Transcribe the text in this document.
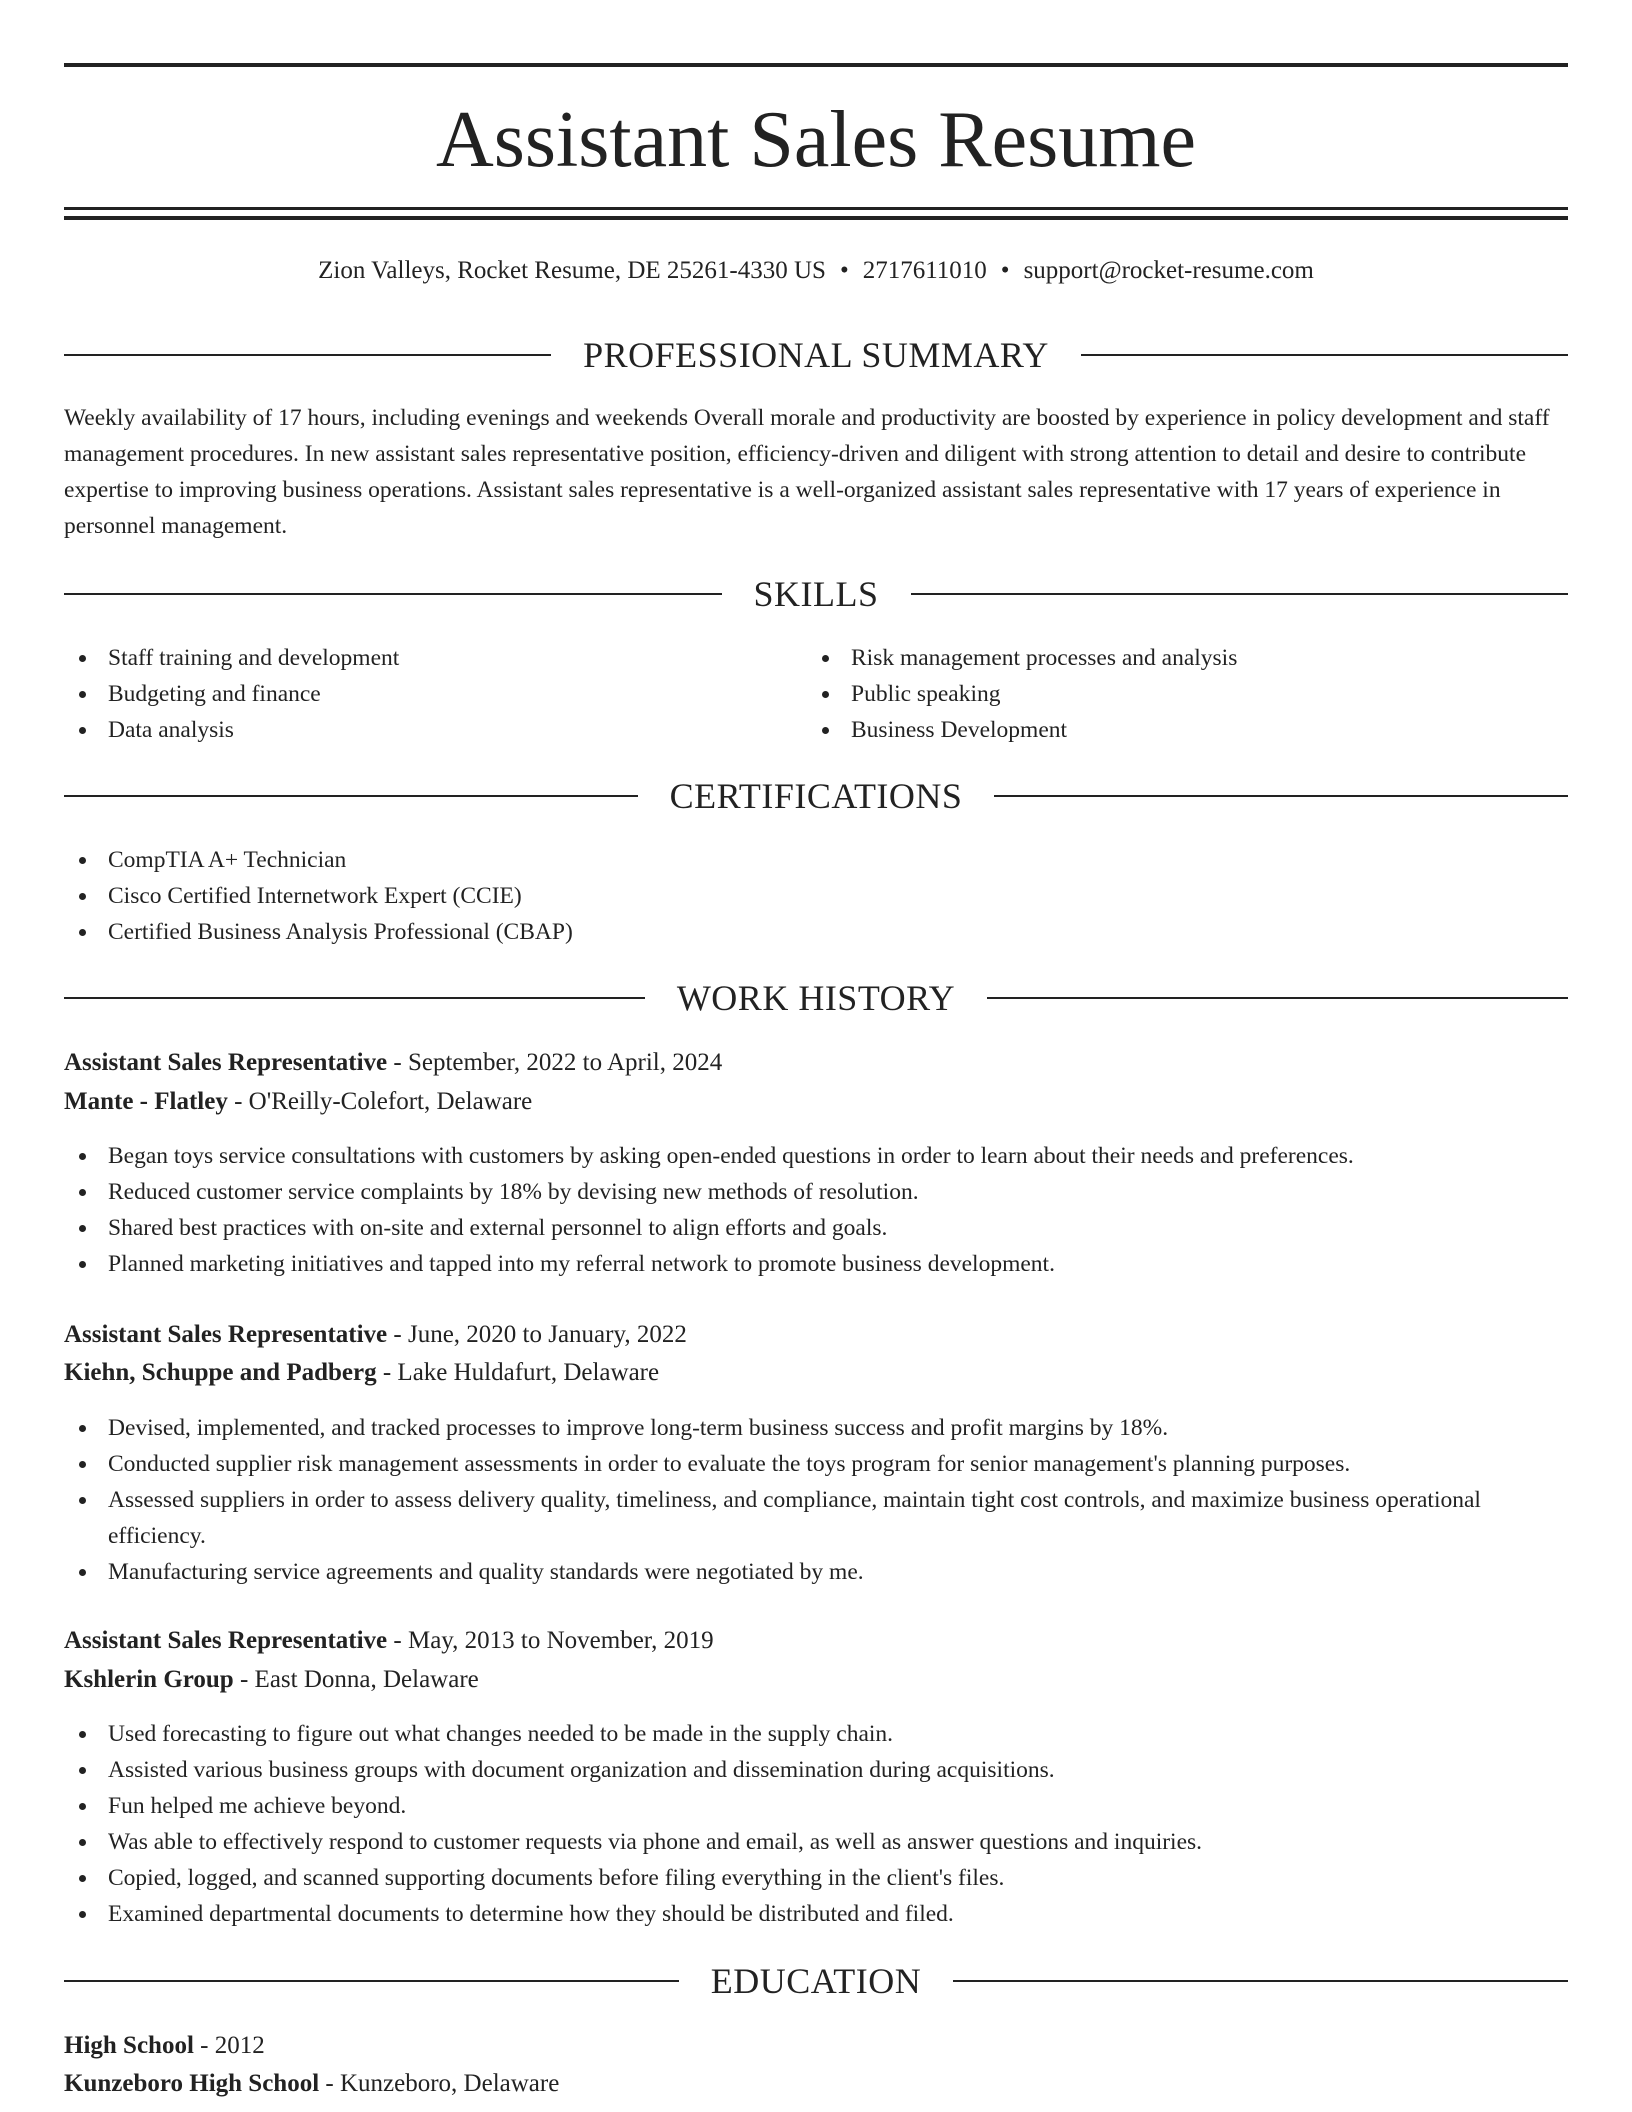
Assistant Sales Resume
Zion Valleys, Rocket Resume, DE 25261-4330 US • 2717611010 • support@rocket-resume.com
PROFESSIONAL SUMMARY

Weekly availability of 17 hours, including evenings and weekends Overall morale and productivity are boosted by experience in policy development and staff management procedures. In new assistant sales representative position, efficiency-driven and diligent with strong attention to detail and desire to contribute expertise to improving business operations. Assistant sales representative is a well-organized assistant sales representative with 17 years of experience in personnel management.

SKILLS
Staff training and development
Budgeting and finance
Data analysis
Risk management processes and analysis
Public speaking
Business Development
CERTIFICATIONS
CompTIA A+ Technician
Cisco Certified Internetwork Expert (CCIE)
Certified Business Analysis Professional (CBAP)
WORK HISTORY
Assistant Sales Representative - September, 2022 to April, 2024
Mante - Flatley - O'Reilly-Colefort, Delaware
Began toys service consultations with customers by asking open-ended questions in order to learn about their needs and preferences.
Reduced customer service complaints by 18% by devising new methods of resolution.
Shared best practices with on-site and external personnel to align efforts and goals.
Planned marketing initiatives and tapped into my referral network to promote business development.
Assistant Sales Representative - June, 2020 to January, 2022
Kiehn, Schuppe and Padberg - Lake Huldafurt, Delaware
Devised, implemented, and tracked processes to improve long-term business success and profit margins by 18%.
Conducted supplier risk management assessments in order to evaluate the toys program for senior management's planning purposes.
Assessed suppliers in order to assess delivery quality, timeliness, and compliance, maintain tight cost controls, and maximize business operational efficiency.
Manufacturing service agreements and quality standards were negotiated by me.
Assistant Sales Representative - May, 2013 to November, 2019
Kshlerin Group - East Donna, Delaware
Used forecasting to figure out what changes needed to be made in the supply chain.
Assisted various business groups with document organization and dissemination during acquisitions.
Fun helped me achieve beyond.
Was able to effectively respond to customer requests via phone and email, as well as answer questions and inquiries.
Copied, logged, and scanned supporting documents before filing everything in the client's files.
Examined departmental documents to determine how they should be distributed and filed.
EDUCATION
High School - 2012
Kunzeboro High School - Kunzeboro, Delaware
